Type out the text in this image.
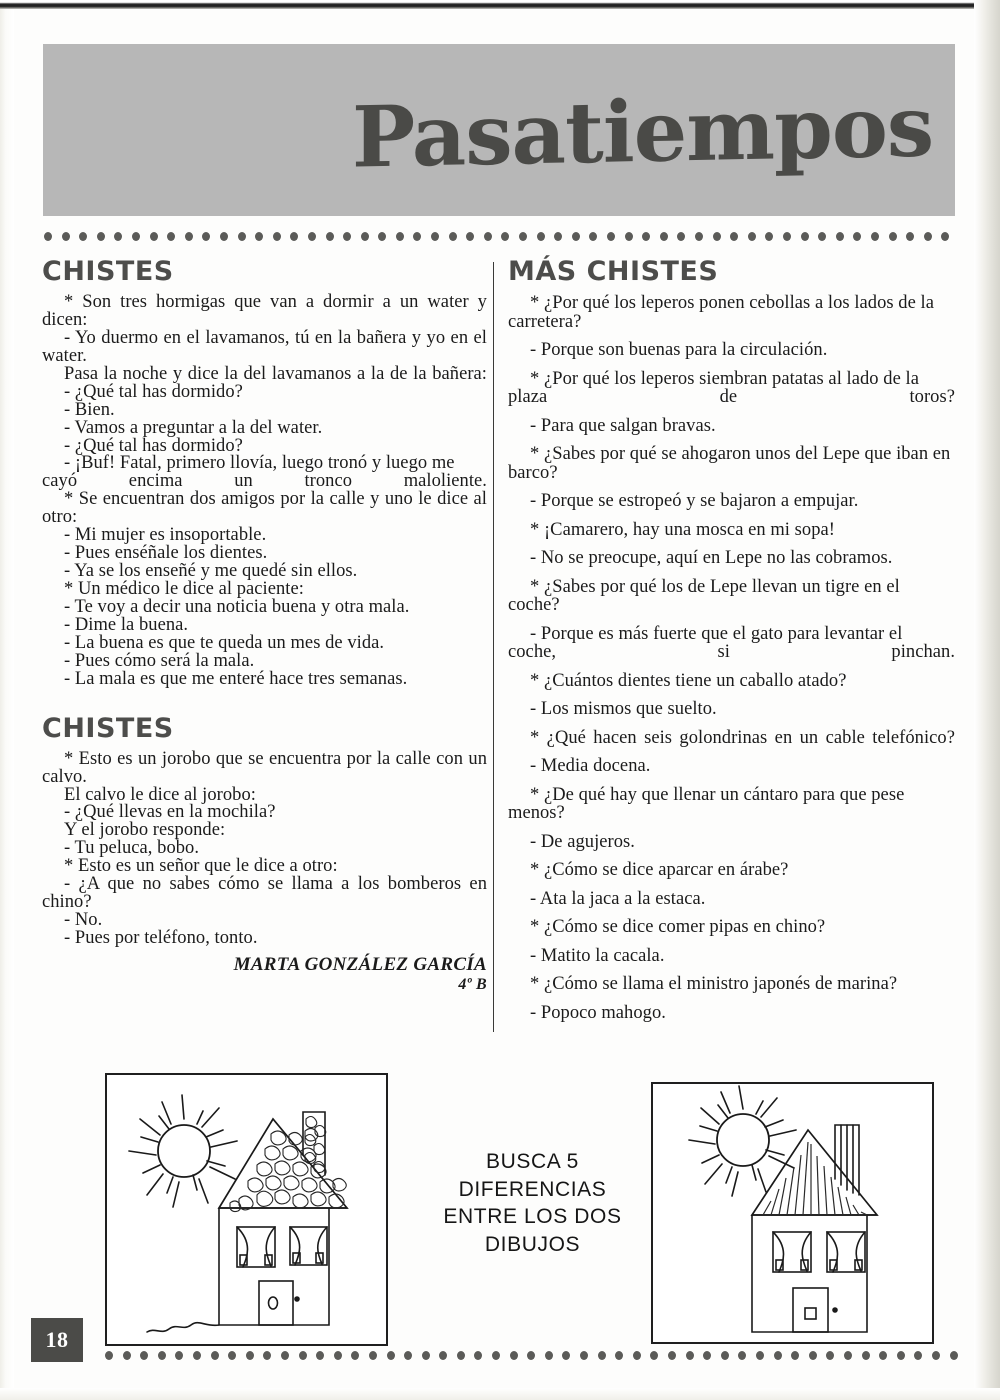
Pasatiempos
CHISTES

* Son tres hormigas que van a dormir a un water y dicen:
- Yo duermo en el lavamanos, tú en la bañera y yo en el water.
Pasa la noche y dice la del lavamanos a la de la bañera:
- ¿Qué tal has dormido?
- Bien.
- Vamos a preguntar a la del water.
- ¿Qué tal has dormido?
- ¡Buf! Fatal, primero llovía, luego tronó y luego me cayó encima un tronco maloliente.

* Se encuentran dos amigos por la calle y uno le dice al otro:
- Mi mujer es insoportable.
- Pues enséñale los dientes.
- Ya se los enseñé y me quedé sin ellos.
* Un médico le dice al paciente:
- Te voy a decir una noticia buena y otra mala.
- Dime la buena.
- La buena es que te queda un mes de vida.
- Pues cómo será la mala.
- La mala es que me enteré hace tres semanas.

CHISTES

* Esto es un jorobo que se encuentra por la calle con un calvo.
El calvo le dice al jorobo:
- ¿Qué llevas en la mochila?
Y el jorobo responde:
- Tu peluca, bobo.
* Esto es un señor que le dice a otro:
- ¿A que no sabes cómo se llama a los bomberos en chino?
- No.
- Pues por teléfono, tonto.

MARTA GONZÁLEZ GARCÍA
4º B
MÁS CHISTES

* ¿Por qué los leperos ponen cebollas a los lados de la carretera?

- Porque son buenas para la circulación.

* ¿Por qué los leperos siembran patatas al lado de la plaza de toros?

- Para que salgan bravas.

* ¿Sabes por qué se ahogaron unos del Lepe que iban en barco?

- Porque se estropeó y se bajaron a empujar.

* ¡Camarero, hay una mosca en mi sopa!

- No se preocupe, aquí en Lepe no las cobramos.

* ¿Sabes por qué los de Lepe llevan un tigre en el coche?

- Porque es más fuerte que el gato para levantar el coche, si pinchan.

* ¿Cuántos dientes tiene un caballo atado?

- Los mismos que suelto.

* ¿Qué hacen seis golondrinas en un cable telefónico?

- Media docena.

* ¿De qué hay que llenar un cántaro para que pese menos?

- De agujeros.

* ¿Cómo se dice aparcar en árabe?

- Ata la jaca a la estaca.

* ¿Cómo se dice comer pipas en chino?

- Matito la cacala.

* ¿Cómo se llama el ministro japonés de marina?

- Popoco mahogo.

BUSCA 5
DIFERENCIAS
ENTRE LOS DOS
DIBUJOS
18
